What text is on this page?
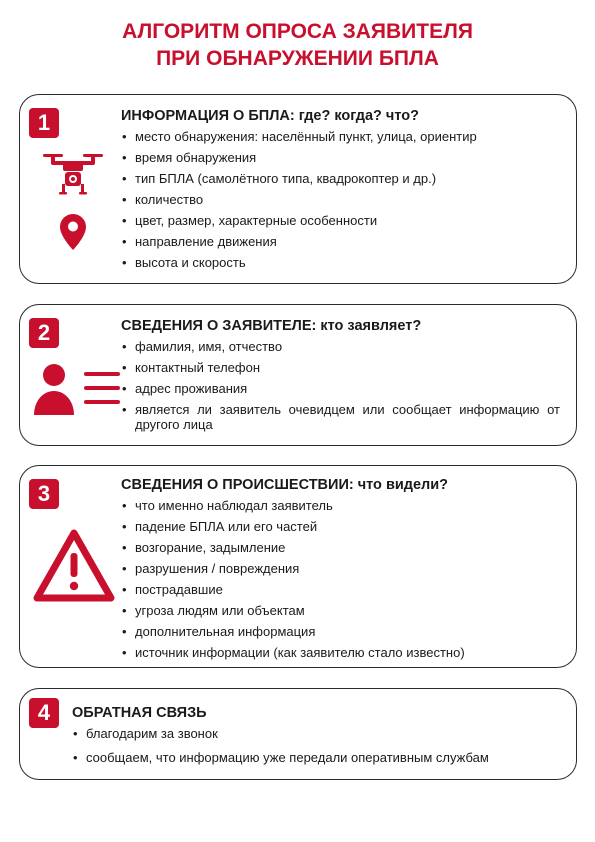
АЛГОРИТМ ОПРОСА ЗАЯВИТЕЛЯ
ПРИ ОБНАРУЖЕНИИ БПЛА
1	ИНФОРМАЦИЯ О БПЛА: где? когда? что?
• место обнаружения: населённый пункт, улица, ориентир
• время обнаружения
• тип БПЛА (самолётного типа, квадрокоптер и др.)
• количество
• цвет, размер, характерные особенности
• направление движения
• высота и скорость
2	СВЕДЕНИЯ О ЗАЯВИТЕЛЕ: кто заявляет?
• фамилия, имя, отчество
• контактный телефон
• адрес проживания
• является ли заявитель очевидцем или сообщает информацию от другого лица
3	СВЕДЕНИЯ О ПРОИСШЕСТВИИ: что видели?
• что именно наблюдал заявитель
• падение БПЛА или его частей
• возгорание, задымление
• разрушения / повреждения
• пострадавшие
• угроза людям или объектам
• дополнительная информация
• источник информации (как заявителю стало известно)
4	ОБРАТНАЯ СВЯЗЬ
• благодарим за звонок
• сообщаем, что информацию уже передали оперативным службам
